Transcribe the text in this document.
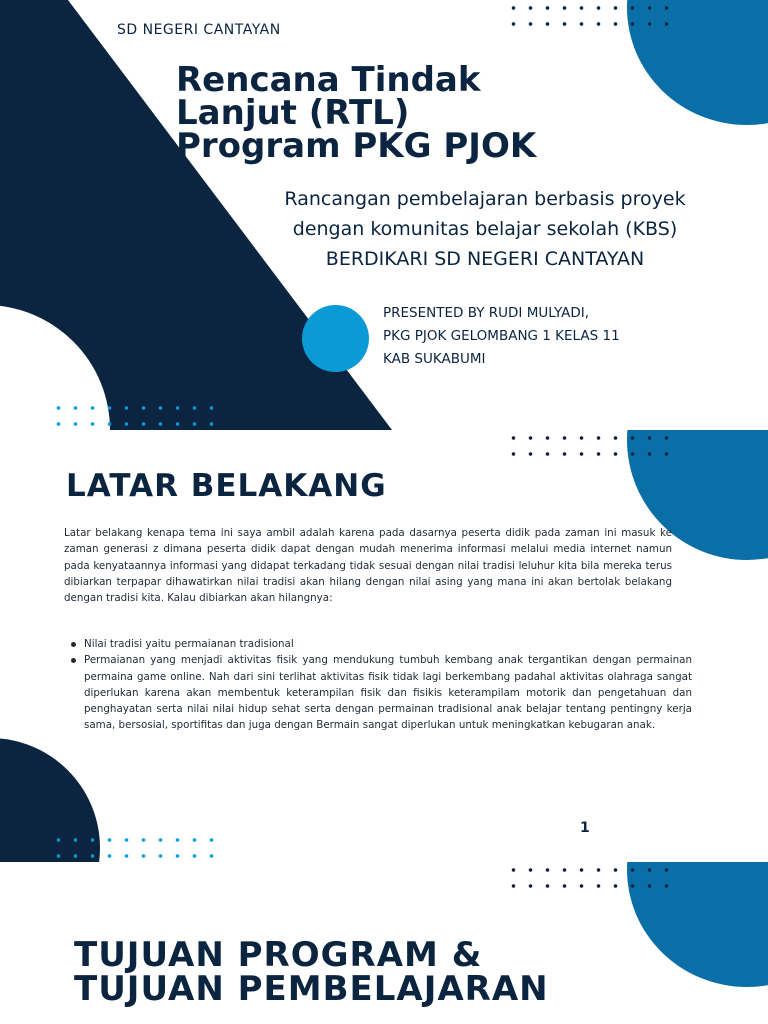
SD NEGERI CANTAYAN
Rencana Tindak
Lanjut (RTL)
Program PKG PJOK
Rancangan pembelajaran berbasis proyek
dengan komunitas belajar sekolah (KBS)
BERDIKARI SD NEGERI CANTAYAN
PRESENTED BY RUDI MULYADI,
PKG PJOK GELOMBANG 1 KELAS 11
KAB SUKABUMI
LATAR BELAKANG

Latar belakang kenapa tema ini saya ambil adalah karena pada dasarnya peserta didik pada zaman ini masuk ke zaman generasi z dimana peserta didik dapat dengan mudah menerima informasi melalui media internet namun pada kenyataannya informasi yang didapat terkadang tidak sesuai dengan nilai tradisi leluhur kita bila mereka terus dibiarkan terpapar dihawatirkan nilai tradisi akan hilang dengan nilai asing yang mana ini akan bertolak belakang dengan tradisi kita. Kalau dibiarkan akan hilangnya:

Nilai tradisi yaitu permaianan tradisional
Permaianan yang menjadi aktivitas fisik yang mendukung tumbuh kembang anak tergantikan dengan permainan permaina game online. Nah dari sini terlihat aktivitas fisik tidak lagi berkembang padahal aktivitas olahraga sangat diperlukan karena akan membentuk keterampilan fisik dan fisikis keterampilam motorik dan pengetahuan dan penghayatan serta nilai nilai hidup sehat serta dengan permainan tradisional anak belajar tentang pentingny kerja sama, bersosial, sportifitas dan juga dengan Bermain sangat diperlukan untuk meningkatkan kebugaran anak.
1
TUJUAN PROGRAM &
TUJUAN PEMBELAJARAN
